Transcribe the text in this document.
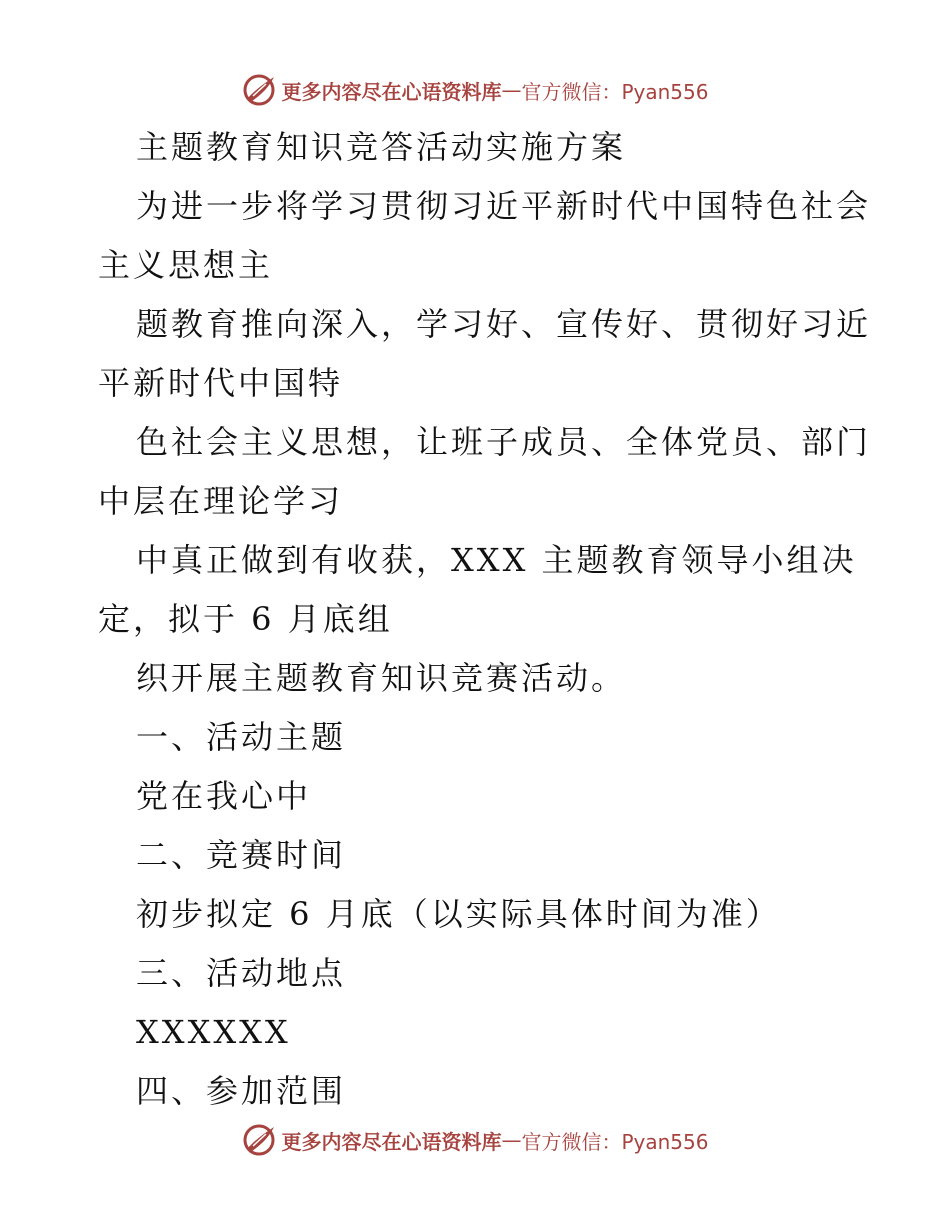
更多内容尽在心语资料库 — 官方微信：Pyan556
主题教育知识竞答活动实施方案
为进一步将学习贯彻习近平新时代中国特色社会
主义思想主
题教育推向深入，学习好、宣传好、贯彻好习近
平新时代中国特
色社会主义思想，让班子成员、全体党员、部门
中层在理论学习
中真正做到有收获，XXX 主题教育领导小组决
定，拟于 6 月底组
织开展主题教育知识竞赛活动。
一、活动主题
党在我心中
二、竞赛时间
初步拟定 6 月底（以实际具体时间为准）
三、活动地点
XXXXXX
四、参加范围
更多内容尽在心语资料库 — 官方微信：Pyan556
